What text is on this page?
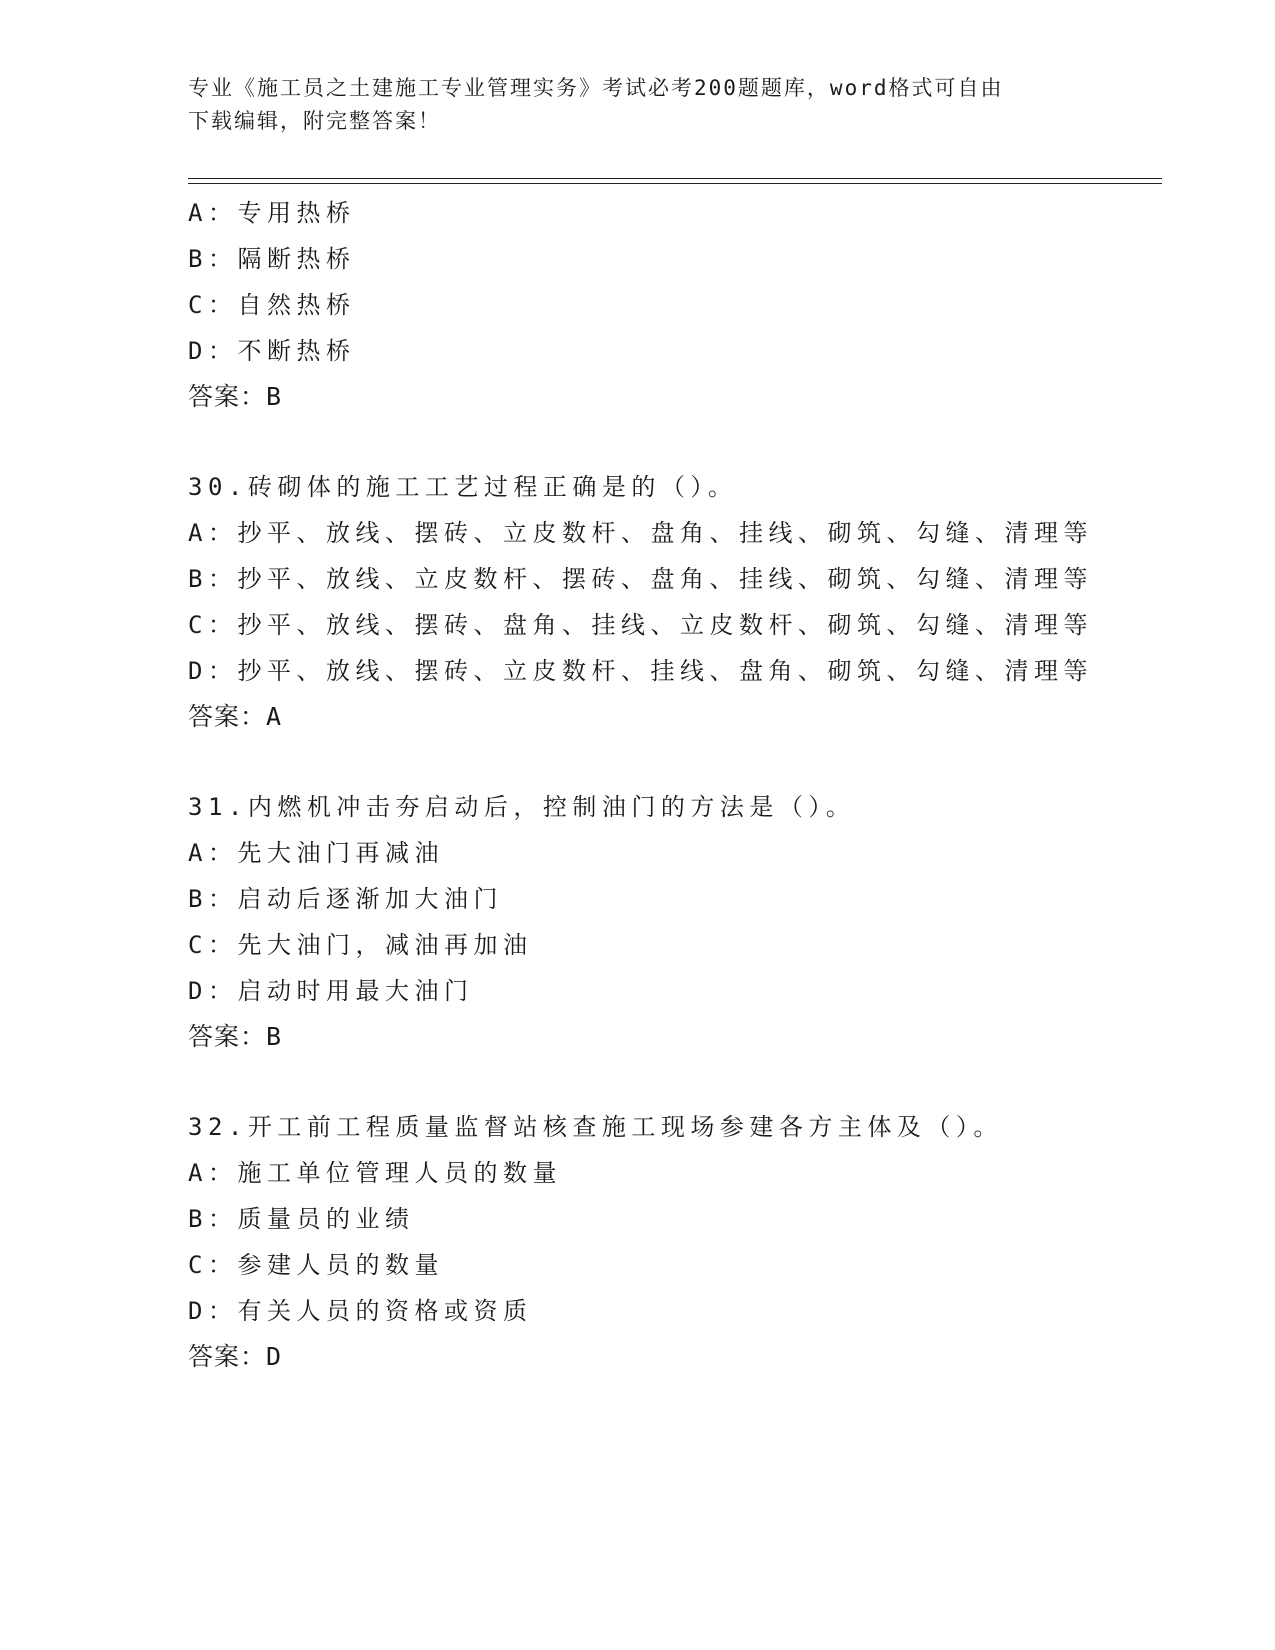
专业《施工员之土建施工专业管理实务》考试必考200题题库，word格式可自由
下载编辑，附完整答案！
A：专用热桥
B：隔断热桥
C：自然热桥
D：不断热桥
答案：B
30.砖砌体的施工工艺过程正确是的（）。
A：抄平、放线、摆砖、立皮数杆、盘角、挂线、砌筑、勾缝、清理等
B：抄平、放线、立皮数杆、摆砖、盘角、挂线、砌筑、勾缝、清理等
C：抄平、放线、摆砖、盘角、挂线、立皮数杆、砌筑、勾缝、清理等
D：抄平、放线、摆砖、立皮数杆、挂线、盘角、砌筑、勾缝、清理等
答案：A
31.内燃机冲击夯启动后，控制油门的方法是（）。
A：先大油门再减油
B：启动后逐渐加大油门
C：先大油门，减油再加油
D：启动时用最大油门
答案：B
32.开工前工程质量监督站核查施工现场参建各方主体及（）。
A：施工单位管理人员的数量
B：质量员的业绩
C：参建人员的数量
D：有关人员的资格或资质
答案：D
